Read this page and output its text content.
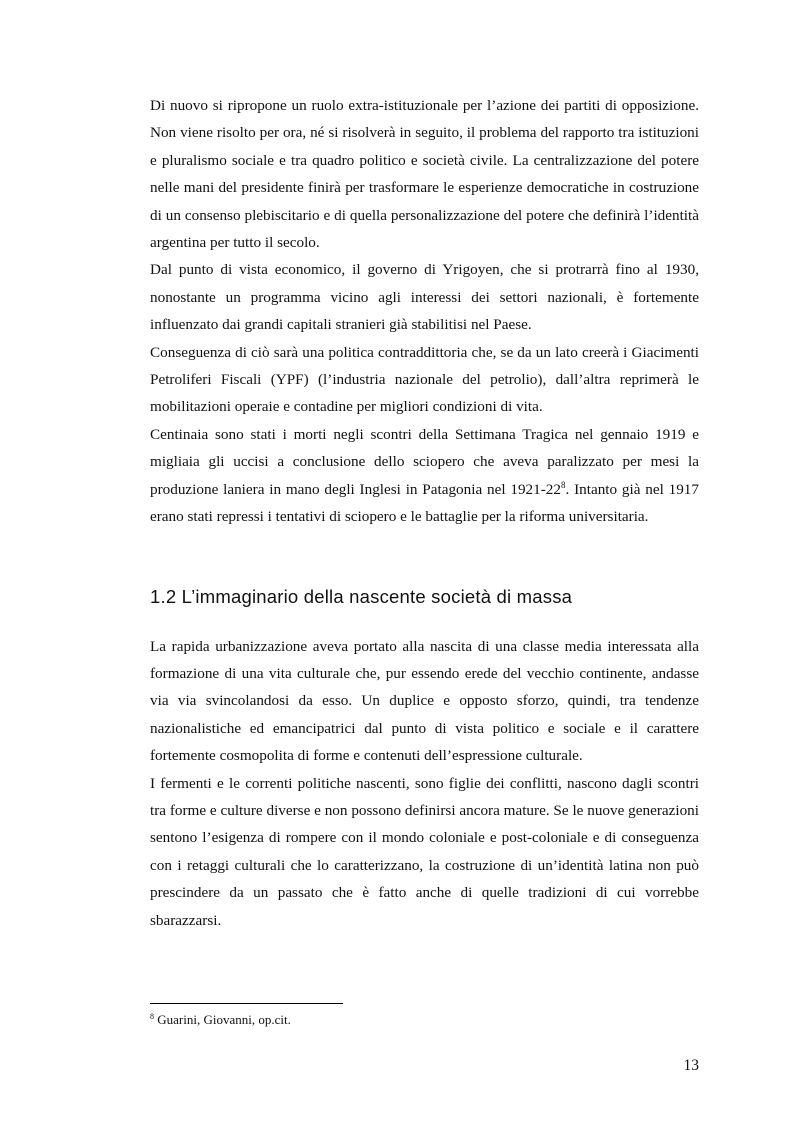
Di nuovo si ripropone un ruolo extra-istituzionale per l’azione dei partiti di opposizione. Non viene risolto per ora, né si risolverà in seguito, il problema del rapporto tra istituzioni e pluralismo sociale e tra quadro politico e società civile. La centralizzazione del potere nelle mani del presidente finirà per trasformare le esperienze democratiche in costruzione di un consenso plebiscitario e di quella personalizzazione del potere che definirà l’identità argentina per tutto il secolo.

Dal punto di vista economico, il governo di Yrigoyen, che si protrarrà fino al 1930, nonostante un programma vicino agli interessi dei settori nazionali, è fortemente influenzato dai grandi capitali stranieri già stabilitisi nel Paese.

Conseguenza di ciò sarà una politica contraddittoria che, se da un lato creerà i Giacimenti Petroliferi Fiscali (YPF) (l’industria nazionale del petrolio), dall’altra reprimerà le mobilitazioni operaie e contadine per migliori condizioni di vita.

Centinaia sono stati i morti negli scontri della Settimana Tragica nel gennaio 1919 e migliaia gli uccisi a conclusione dello sciopero che aveva paralizzato per mesi la produzione laniera in mano degli Inglesi in Patagonia nel $1921-22^8$. Intanto già nel 1917 erano stati repressi i tentativi di sciopero e le battaglie per la riforma universitaria.

1.2 L’immaginario della nascente società di massa

La rapida urbanizzazione aveva portato alla nascita di una classe media interessata alla formazione di una vita culturale che, pur essendo erede del vecchio continente, andasse via via svincolandosi da esso. Un duplice e opposto sforzo, quindi, tra tendenze nazionalistiche ed emancipatrici dal punto di vista politico e sociale e il carattere fortemente cosmopolita di forme e contenuti dell’espressione culturale.

I fermenti e le correnti politiche nascenti, sono figlie dei conflitti, nascono dagli scontri tra forme e culture diverse e non possono definirsi ancora mature. Se le nuove generazioni sentono l’esigenza di rompere con il mondo coloniale e post-coloniale e di conseguenza con i retaggi culturali che lo caratterizzano, la costruzione di un’identità latina non può prescindere da un passato che è fatto anche di quelle tradizioni di cui vorrebbe sbarazzarsi.

$^8$ Guarini, Giovanni, op.cit.
13
